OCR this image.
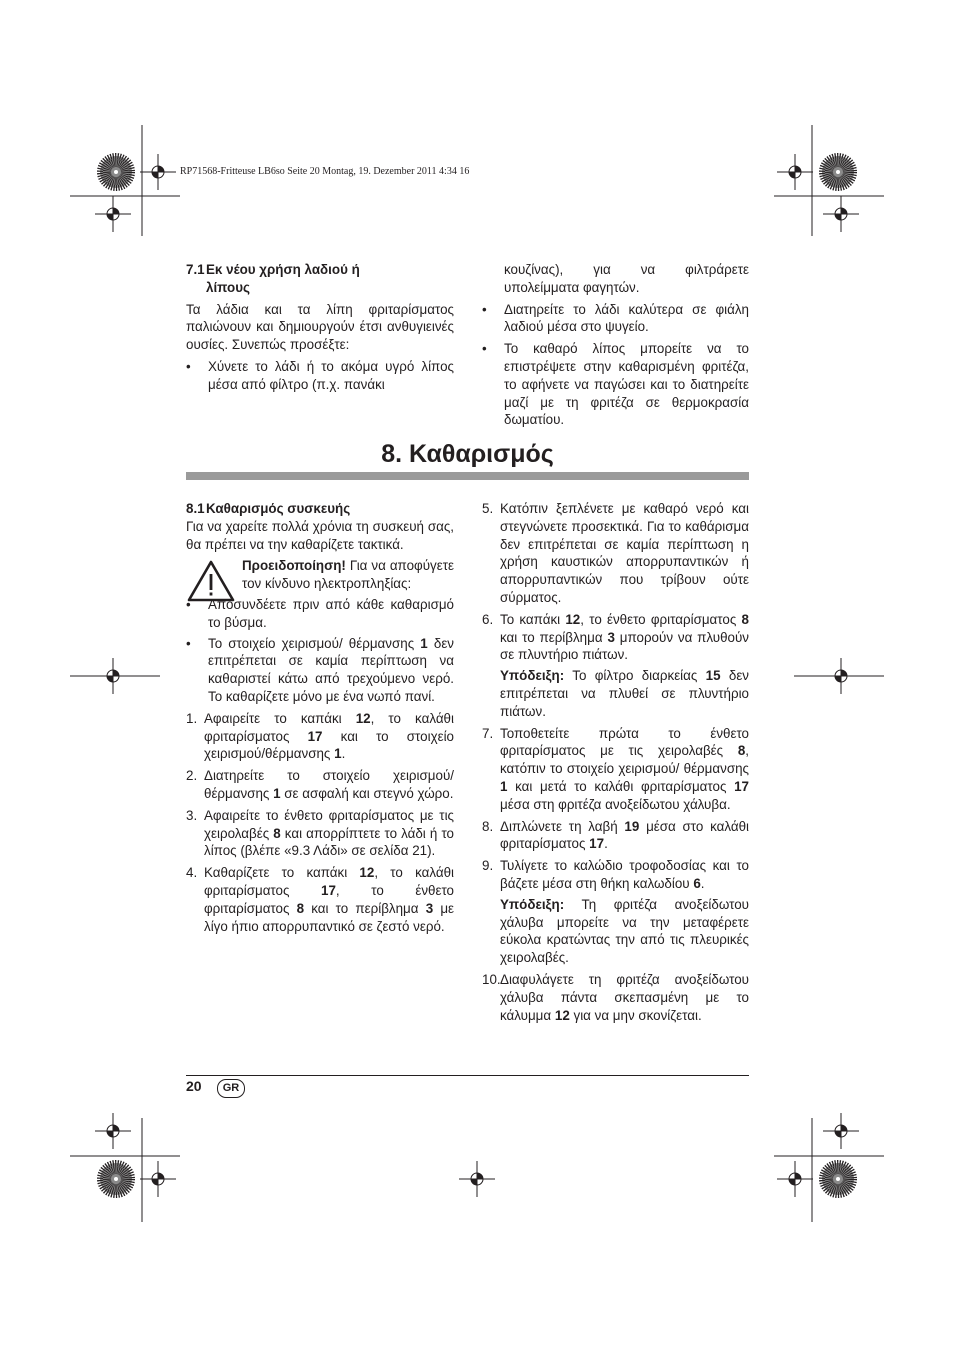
RP71568-Fritteuse LB6so Seite 20 Montag, 19. Dezember 2011 4:34 16
7.1Εκ νέου χρήση λαδιού ή
λίπους

Τα λάδια και τα λίπη φριταρίσματος παλιώνουν και δημιουργούν έτσι ανθυγιεινές ουσίες. Συνεπώς προσέξτε:

• Χύνετε το λάδι ή το ακόμα υγρό λίπος μέσα από φίλτρο (π.χ. πανάκι

κουζίνας), για να φιλτράρετε υπολείμματα φαγητών.

• Διατηρείτε το λάδι καλύτερα σε φιάλη λαδιού μέσα στο ψυγείο.
• Το καθαρό λίπος μπορείτε να το επιστρέψετε στην καθαρισμένη φριτέζα, το αφήνετε να παγώσει και το διατηρείτε μαζί με τη φριτέζα σε θερμοκρασία δωματίου.
8. Καθαρισμός
8.1Καθαρισμός συσκευής

Για να χαρείτε πολλά χρόνια τη συσκευή σας, θα πρέπει να την καθαρίζετε τακτικά.

Προειδοποίηση! Για να αποφύγετε τον κίνδυνο ηλεκτροπληξίας:

• Αποσυνδέετε πριν από κάθε καθαρισμό το βύσμα.
• Το στοιχείο χειρισμού/ θέρμανσης 1 δεν επιτρέπεται σε καμία περίπτωση να καθαριστεί κάτω από τρεχούμενο νερό. Το καθαρίζετε μόνο με ένα νωπό πανί.
1. Αφαιρείτε το καπάκι 12, το καλάθι φριταρίσματος 17 και το στοιχείο χειρισμού/θέρμανσης 1.
2. Διατηρείτε το στοιχείο χειρισμού/ θέρμανσης 1 σε ασφαλή και στεγνό χώρο.
3. Αφαιρείτε το ένθετο φριταρίσματος με τις χειρολαβές 8 και απορρίπτετε το λάδι ή το λίπος (βλέπε «9.3 Λάδι» σε σελίδα 21).
4. Καθαρίζετε το καπάκι 12, το καλάθι φριταρίσματος 17, το ένθετο φριταρίσματος 8 και το περίβλημα 3 με λίγο ήπιο απορρυπαντικό σε ζεστό νερό.
5. Κατόπιν ξεπλένετε με καθαρό νερό και στεγνώνετε προσεκτικά. Για το καθάρισμα δεν επιτρέπεται σε καμία περίπτωση η χρήση καυστικών απορρυπαντικών ή απορρυπαντικών που τρίβουν ούτε σύρματος.
6. Το καπάκι 12, το ένθετο φριταρίσματος 8 και το περίβλημα 3 μπορούν να πλυθούν σε πλυντήριο πιάτων.

Υπόδειξη: Το φίλτρο διαρκείας 15 δεν επιτρέπεται να πλυθεί σε πλυντήριο πιάτων.

7. Τοποθετείτε πρώτα το ένθετο φριταρίσματος με τις χειρολαβές 8, κατόπιν το στοιχείο χειρισμού/ θέρμανσης 1 και μετά το καλάθι φριταρίσματος 17 μέσα στη φριτέζα ανοξείδωτου χάλυβα.
8. Διπλώνετε τη λαβή 19 μέσα στο καλάθι φριταρίσματος 17.
9. Τυλίγετε το καλώδιο τροφοδοσίας και το βάζετε μέσα στη θήκη καλωδίου 6.

Υπόδειξη: Τη φριτέζα ανοξείδωτου χάλυβα μπορείτε να την μεταφέρετε εύκολα κρατώντας την από τις πλευρικές χειρολαβές.

10. Διαφυλάγετε τη φριτέζα ανοξείδωτου χάλυβα πάντα σκεπασμένη με το κάλυμμα 12 για να μην σκονίζεται.
20	GR
